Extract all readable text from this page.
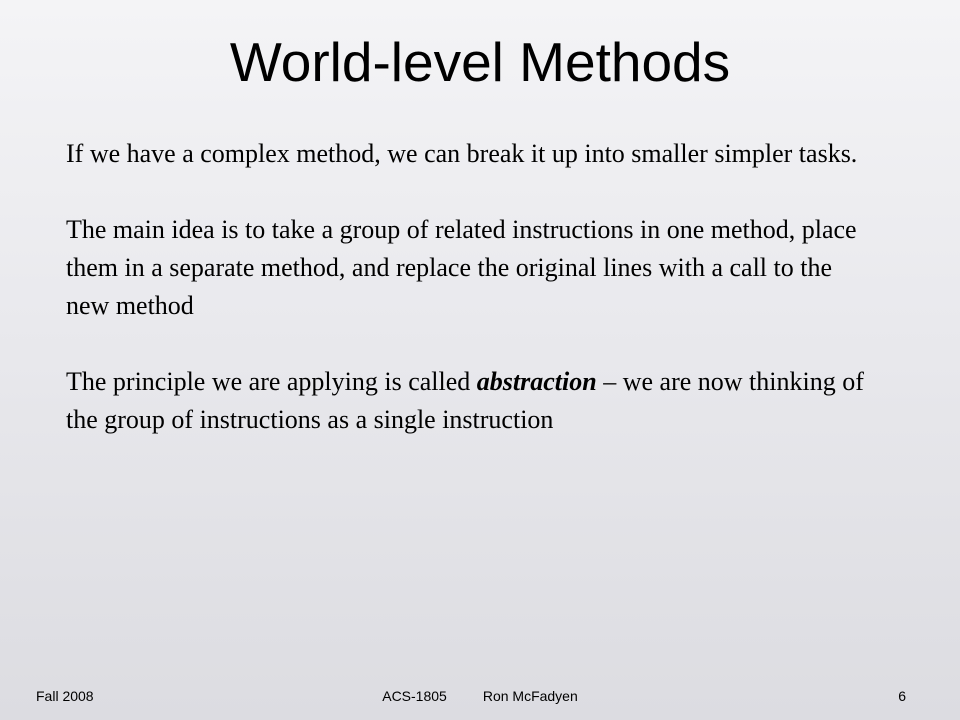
World-level Methods

If we have a complex method, we can break it up into smaller simpler tasks.

The main idea is to take a group of related instructions in one method, place them in a separate method, and replace the original lines with a call to the new method

The principle we are applying is called abstraction – we are now thinking of the group of instructions as a single instruction

Fall 2008	ACS-1805	Ron McFadyen	6
